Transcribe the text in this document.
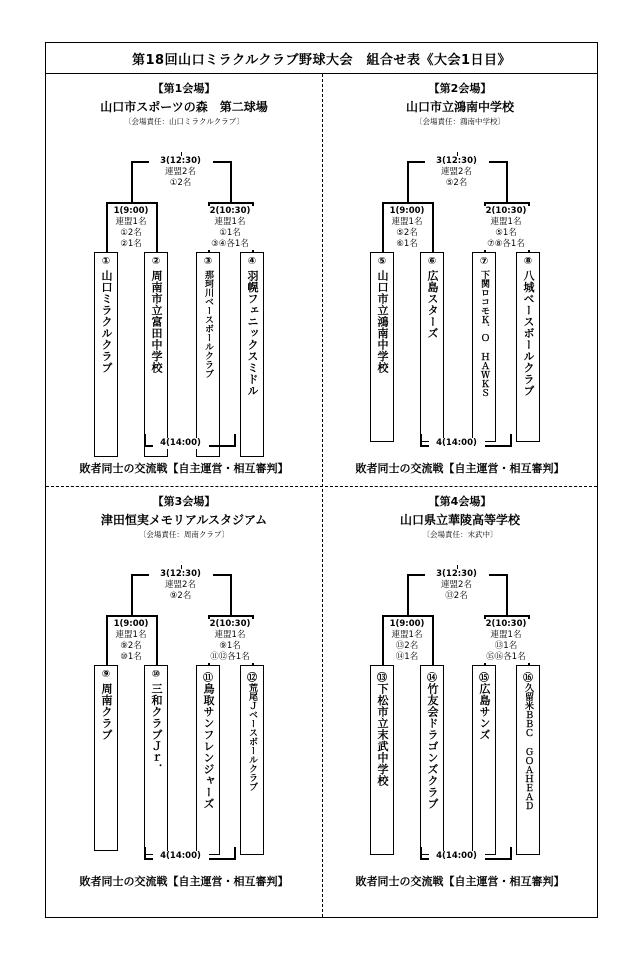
第18回山口ミラクルクラブ野球大会　組合せ表《大会1日目》
【第1会場】
山口市スポーツの森　第二球場
〔会場責任：山口ミラクルクラブ〕
3(12:30)
連盟2名
①2名
1(9:00)
連盟1名
①2名
②1名
2(10:30)
連盟1名
①1名
③④各1名
①
山口ミラクルクラブ
②
周南市立富田中学校
③
那珂川ベースボールクラブ
④
羽幌フェニックスミドル
4(14:00)
敗者同士の交流戦【自主運営・相互審判】
【第2会場】
山口市立鴻南中学校
〔会場責任：鴻南中学校〕
3(12:30)
連盟2名
⑤2名
1(9:00)
連盟1名
⑤2名
⑥1名
2(10:30)
連盟1名
⑤1名
⑦⑧各1名
⑤
山口市立鴻南中学校
⑥
広島スターズ
⑦
下関ロコモＫ．Ｏ ＨＡＷＫＳ
⑧
八城ベースボールクラブ
4(14:00)
敗者同士の交流戦【自主運営・相互審判】
【第3会場】
津田恒実メモリアルスタジアム
〔会場責任：周南クラブ〕
3(12:30)
連盟2名
⑨2名
1(9:00)
連盟1名
⑨2名
⑩1名
2(10:30)
連盟1名
⑨1名
⑪⑫各1名
⑨
周南クラブ
⑩
三和クラブＪｒ．
⑪
鳥取サンフレンジャーズ
⑫
荒尾Ｊベースボールクラブ
4(14:00)
敗者同士の交流戦【自主運営・相互審判】
【第4会場】
山口県立華陵高等学校
〔会場責任：末武中〕
3(12:30)
連盟2名
⑬2名
1(9:00)
連盟1名
⑬2名
⑭1名
2(10:30)
連盟1名
⑬1名
⑮⑯各1名
⑬
下松市立末武中学校
⑭
竹友会ドラゴンズクラブ
⑮
広島サンズ
⑯
久留米ＢＢＣ ＧＯＡＨＥＡＤ
4(14:00)
敗者同士の交流戦【自主運営・相互審判】
